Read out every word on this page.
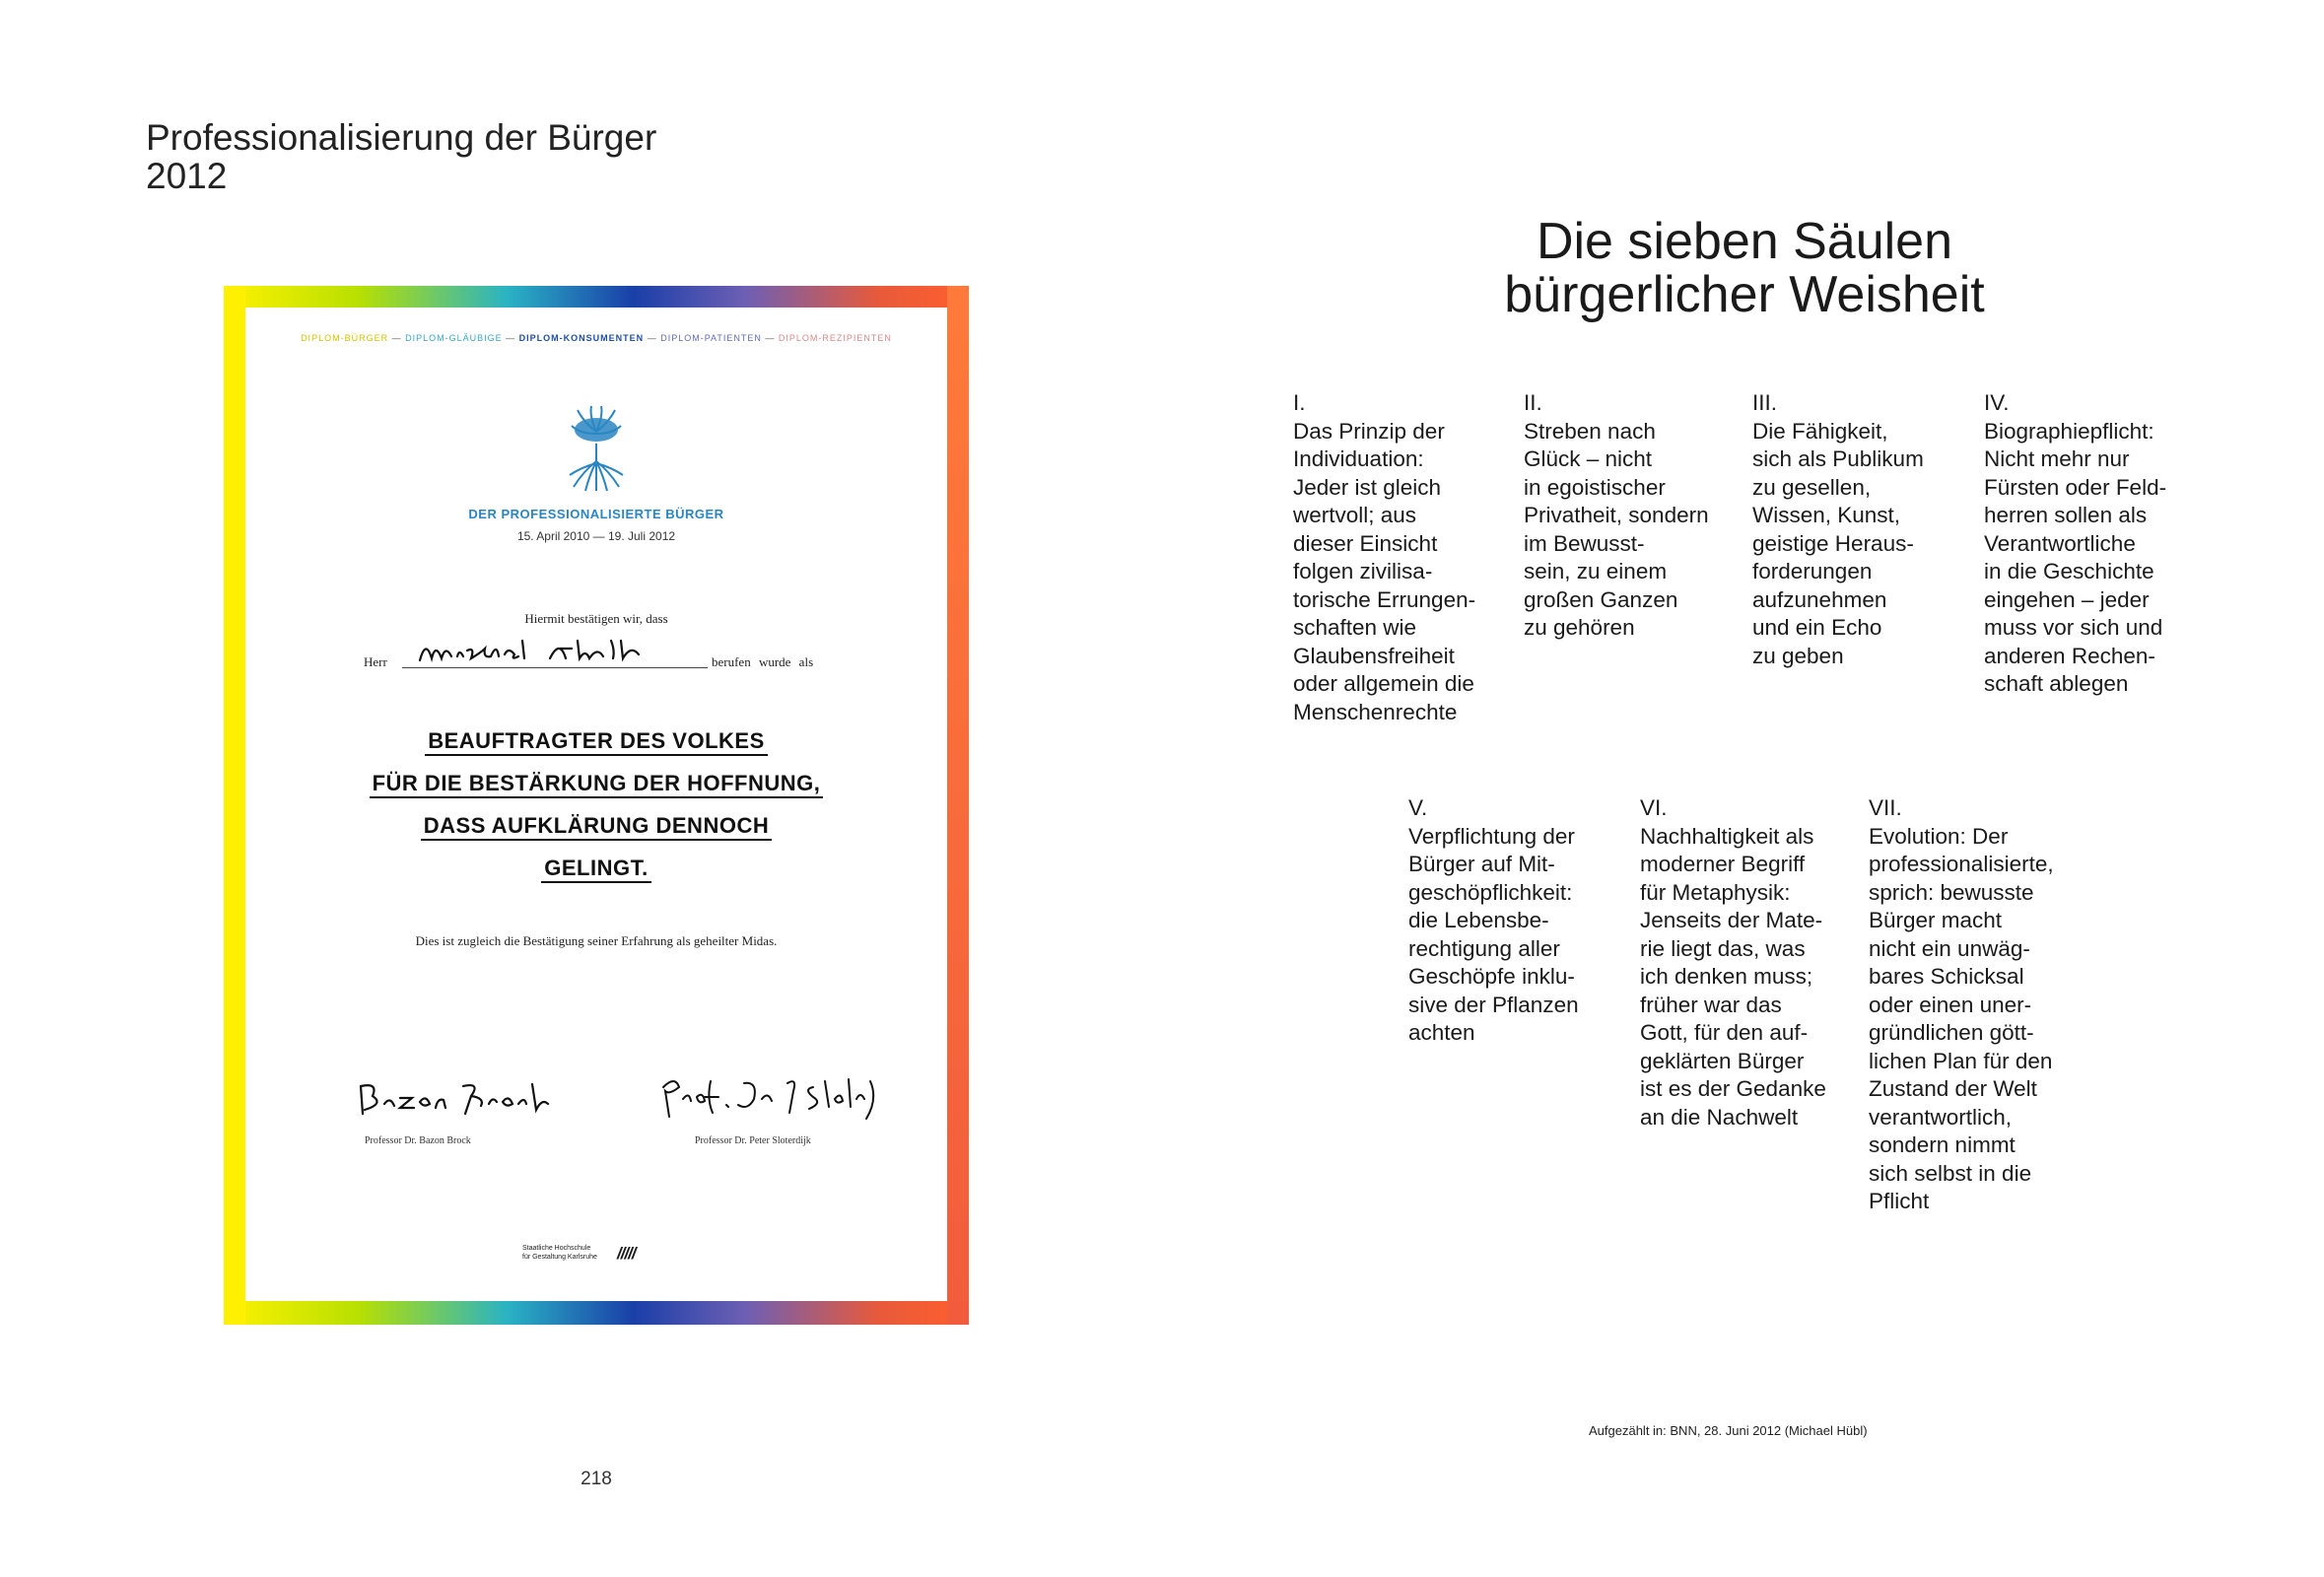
Professionalisierung der Bürger
2012
DIPLOM-BÜRGER — DIPLOM-GLÄUBIGE — DIPLOM-KONSUMENTEN — DIPLOM-PATIENTEN — DIPLOM-REZIPIENTEN
DER PROFESSIONALISIERTE BÜRGER
15. April 2010 — 19. Juli 2012
Hiermit bestätigen wir, dass
Herr	berufen wurde als
BEAUFTRAGTER DES VOLKES
FÜR DIE BESTÄRKUNG DER HOFFNUNG,
DASS AUFKLÄRUNG DENNOCH
GELINGT.
Dies ist zugleich die Bestätigung seiner Erfahrung als geheilter Midas.
Professor Dr. Bazon Brock	Professor Dr. Peter Sloterdijk
Staatliche Hochschule
für Gestaltung Karlsruhe	/////
218
Die sieben Säulen
bürgerlicher Weisheit
I.
Das Prinzip der
Individuation:
Jeder ist gleich
wertvoll; aus
dieser Einsicht
folgen zivilisa-
torische Errungen-
schaften wie
Glaubensfreiheit
oder allgemein die
Menschenrechte
II.
Streben nach
Glück – nicht
in egoistischer
Privatheit, sondern
im Bewusst-
sein, zu einem
großen Ganzen
zu gehören
III.
Die Fähigkeit,
sich als Publikum
zu gesellen,
Wissen, Kunst,
geistige Heraus-
forderungen
aufzunehmen
und ein Echo
zu geben
IV.
Biographiepflicht:
Nicht mehr nur
Fürsten oder Feld-
herren sollen als
Verantwortliche
in die Geschichte
eingehen – jeder
muss vor sich und
anderen Rechen-
schaft ablegen
V.
Verpflichtung der
Bürger auf Mit-
geschöpflichkeit:
die Lebensbe-
rechtigung aller
Geschöpfe inklu-
sive der Pflanzen
achten
VI.
Nachhaltigkeit als
moderner Begriff
für Metaphysik:
Jenseits der Mate-
rie liegt das, was
ich denken muss;
früher war das
Gott, für den auf-
geklärten Bürger
ist es der Gedanke
an die Nachwelt
VII.
Evolution: Der
professionalisierte,
sprich: bewusste
Bürger macht
nicht ein unwäg-
bares Schicksal
oder einen uner-
gründlichen gött-
lichen Plan für den
Zustand der Welt
verantwortlich,
sondern nimmt
sich selbst in die
Pflicht
Aufgezählt in: BNN, 28. Juni 2012 (Michael Hübl)
